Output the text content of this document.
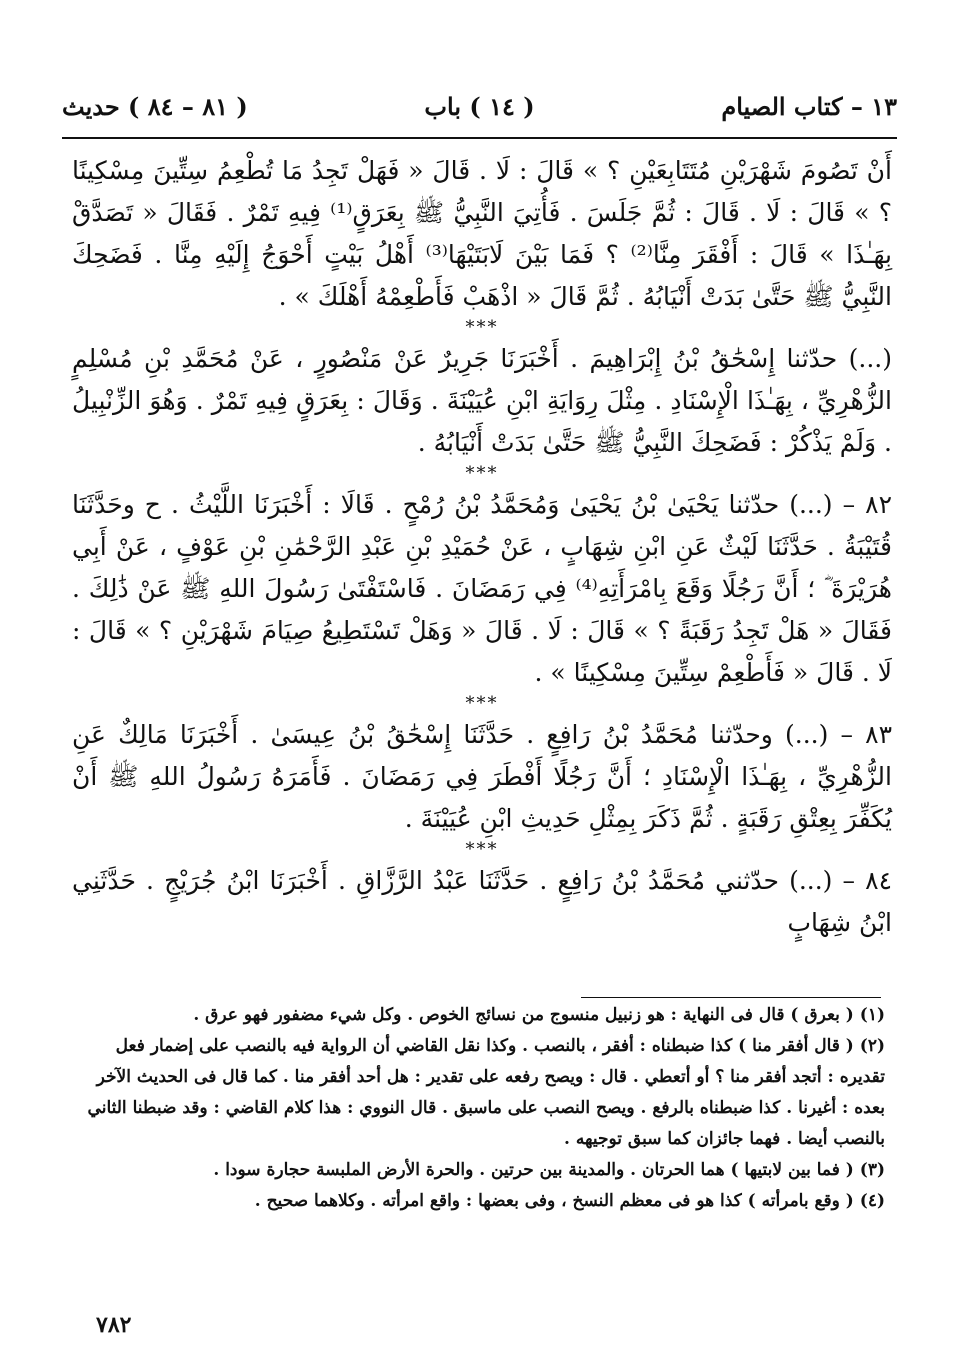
١٣ – كتاب الصيام
( ١٤ ) باب
( ٨١ – ٨٤ ) حديث

أَنْ تَصُومَ شَهْرَيْنِ مُتَتَابِعَيْنِ ؟ » قَالَ : لَا . قَالَ « فَهَلْ تَجِدُ مَا تُطْعِمُ سِتِّينَ مِسْكِينًا ؟ » قَالَ : لَا . قَالَ : ثُمَّ جَلَسَ . فَأُتِيَ النَّبِيُّ ﷺ بِعَرَقٍ⁽¹⁾ فِيهِ تَمْرٌ . فَقَالَ « تَصَدَّقْ بِهَـٰذَا » قَالَ : أَفْقَرَ مِنَّا⁽²⁾ ؟ فَمَا بَيْنَ لَابَتَيْهَا⁽³⁾ أَهْلُ بَيْتٍ أَحْوَجُ إِلَيْهِ مِنَّا . فَضَحِكَ النَّبِيُّ ﷺ حَتَّىٰ بَدَتْ أَنْيَابُهُ . ثُمَّ قَالَ « اذْهَبْ فَأَطْعِمْهُ أَهْلَكَ » .

***

(...) حدّثنا إِسْحَٰقُ بْنُ إِبْرَاهِيمَ . أَخْبَرَنَا جَرِيرٌ عَنْ مَنْصُورٍ ، عَنْ مُحَمَّدِ بْنِ مُسْلِمٍ الزُّهْرِيِّ ، بِهَـٰذَا الْإِسْنَادِ . مِثْلَ رِوَايَةِ ابْنِ عُيَيْنَةَ . وَقَالَ : بِعَرَقٍ فِيهِ تَمْرٌ . وَهُوَ الزِّنْبِيلُ . وَلَمْ يَذْكُرْ : فَضَحِكَ النَّبِيُّ ﷺ حَتَّىٰ بَدَتْ أَنْيَابُهُ .

***

٨٢ – (...) حدّثنا يَحْيَىٰ بْنُ يَحْيَىٰ وَمُحَمَّدُ بْنُ رُمْحٍ . قَالَا : أَخْبَرَنَا اللَّيْثُ . ح وحَدَّثَنَا قُتَيْبَةُ . حَدَّثَنَا لَيْثٌ عَنِ ابْنِ شِهَابٍ ، عَنْ حُمَيْدِ بْنِ عَبْدِ الرَّحْمَٰنِ بْنِ عَوْفٍ ، عَنْ أَبِي هُرَيْرَةَ ؓ ؛ أَنَّ رَجُلًا وَقَعَ بِامْرَأَتِهِ⁽⁴⁾ فِي رَمَضَانَ . فَاسْتَفْتَىٰ رَسُولَ اللهِ ﷺ عَنْ ذَٰلِكَ . فَقَالَ « هَلْ تَجِدُ رَقَبَةً ؟ » قَالَ : لَا . قَالَ « وَهَلْ تَسْتَطِيعُ صِيَامَ شَهْرَيْنِ ؟ » قَالَ : لَا . قَالَ « فَأَطْعِمْ سِتِّينَ مِسْكِينًا » .

***

٨٣ – (...) وحدّثنا مُحَمَّدُ بْنُ رَافِعٍ . حَدَّثَنَا إِسْحَٰقُ بْنُ عِيسَىٰ . أَخْبَرَنَا مَالِكٌ عَنِ الزُّهْرِيِّ ، بِهَـٰذَا الْإِسْنَادِ ؛ أَنَّ رَجُلًا أَفْطَرَ فِي رَمَضَانَ . فَأَمَرَهُ رَسُولُ اللهِ ﷺ أَنْ يُكَفِّرَ بِعِتْقِ رَقَبَةٍ . ثُمَّ ذَكَرَ بِمِثْلِ حَدِيثِ ابْنِ عُيَيْنَةَ .

***

٨٤ – (...) حدّثني مُحَمَّدُ بْنُ رَافِعٍ . حَدَّثَنَا عَبْدُ الرَّزَّاقِ . أَخْبَرَنَا ابْنُ جُرَيْجٍ . حَدَّثَنِي ابْنُ شِهَابٍ

(١) ( بعرق ) قال فى النهاية : هو زنبيل منسوج من نسائج الخوص . وكل شيء مضفور فهو عرق .

(٢) ( قال أفقر منا ) كذا ضبطناه : أفقر ، بالنصب . وكذا نقل القاضي أن الرواية فيه بالنصب على إضمار فعل تقديره : أتجد أفقر منا ؟ أو أتعطي . قال : ويصح رفعه على تقدير : هل أحد أفقر منا . كما قال فى الحديث الآخر بعده : أغيرنا . كذا ضبطناه بالرفع . ويصح النصب على ماسبق . قال النووي : هذا كلام القاضي : وقد ضبطنا الثاني بالنصب أيضا . فهما جائزان كما سبق توجيهه .

(٣) ( فما بين لابتيها ) هما الحرتان . والمدينة بين حرتين . والحرة الأرض الملبسة حجارة سودا .

(٤) ( وقع بامرأته ) كذا هو فى معظم النسخ ، وفى بعضها : واقع امرأته . وكلاهما صحيح .

٧٨٢
